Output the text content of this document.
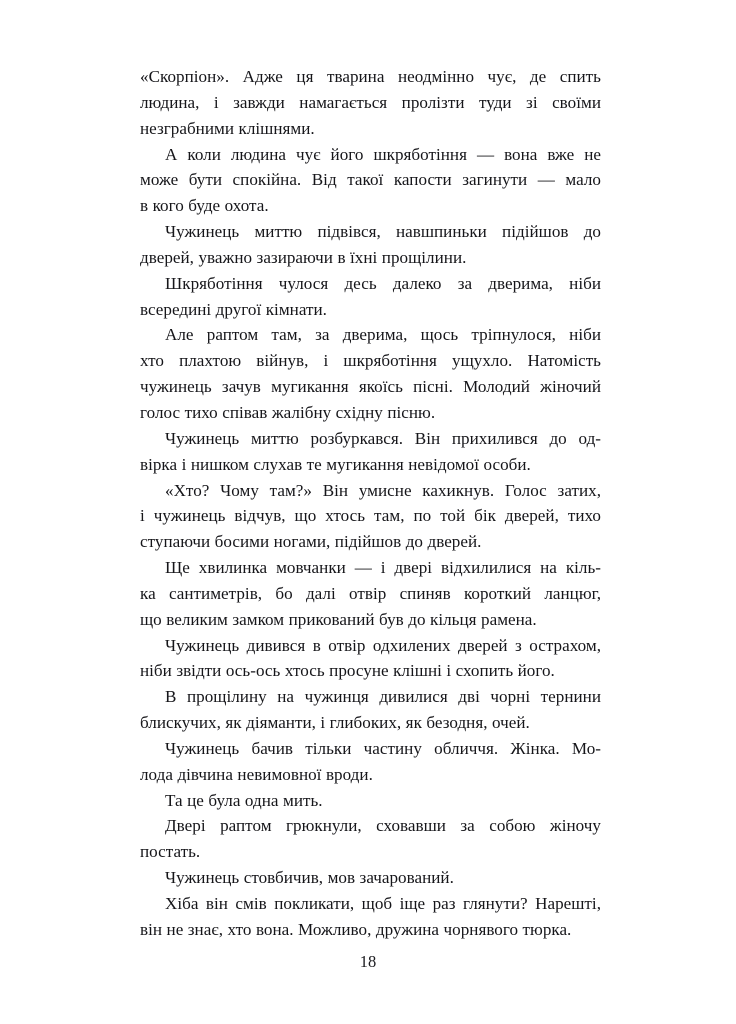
«Скорпіон». Адже ця тварина неодмінно чує, де спить
людина, і завжди намагається пролізти туди зі своїми
незграбними клішнями.

А коли людина чує його шкряботіння — вона вже не
може бути спокійна. Від такої капости загинути — мало
в кого буде охота.

Чужинець миттю підвівся, навшпиньки підійшов до
дверей, уважно зазираючи в їхні прощілини.

Шкряботіння чулося десь далеко за дверима, ніби
всередині другої кімнати.

Але раптом там, за дверима, щось тріпнулося, ніби
хто плахтою війнув, і шкряботіння ущухло. Натомість
чужинець зачув мугикання якоїсь пісні. Молодий жіночий
голос тихо співав жалібну східну пісню.

Чужинець миттю розбуркався. Він прихилився до од-
вірка і нишком слухав те мугикання невідомої особи.

«Хто? Чому там?» Він умисне кахикнув. Голос затих,
і чужинець відчув, що хтось там, по той бік дверей, тихо
ступаючи босими ногами, підійшов до дверей.

Ще хвилинка мовчанки — і двері відхилилися на кіль-
ка сантиметрів, бо далі отвір спиняв короткий ланцюг,
що великим замком прикований був до кільця рамена.

Чужинець дивився в отвір одхилених дверей з острахом,
ніби звідти ось-ось хтось просуне клішні і схопить його.

В прощілину на чужинця дивилися дві чорні тернини
блискучих, як діяманти, і глибоких, як безодня, очей.

Чужинець бачив тільки частину обличчя. Жінка. Мо-
лода дівчина невимовної вроди.

Та це була одна мить.

Двері раптом грюкнули, сховавши за собою жіночу
постать.

Чужинець стовбичив, мов зачарований.

Хіба він смів покликати, щоб іще раз глянути? Нарешті,
він не знає, хто вона. Можливо, дружина чорнявого тюрка.

18
